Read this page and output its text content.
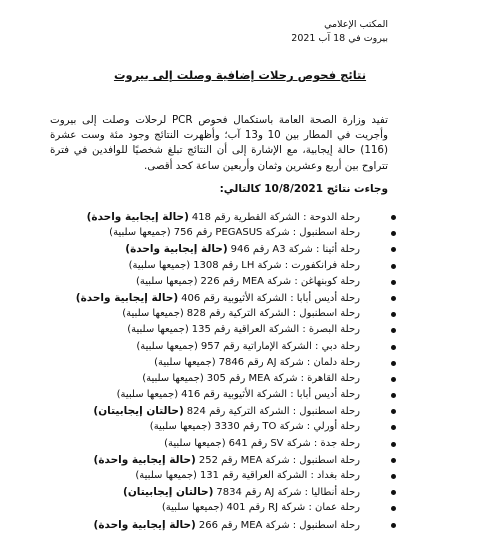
المكتب الإعلامي
بيروت في 18 آب 2021
نتائج فحوص رحلات إضافية وصلت إلى بيروت
تفيد وزارة الصحة العامة باستكمال فحوص PCR لرحلات وصلت إلى بيروت وأجريت في المطار بين 10 و13 آب؛ وأظهرت النتائج وجود مئة وست عشرة (116) حالة إيجابية، مع الإشارة إلى أن النتائج تبلغ شخصيًا للوافدين في فترة تتراوح بين أربع وعشرين وثمان وأربعين ساعة كحد أقصى.
وجاءت نتائج 10/8/2021 كالتالي:
رحلة الدوحة : الشركة القطرية رقم 418(حالة إيجابية واحدة)
رحلة اسطنبول : شركة PEGASUS رقم 756(جميعها سلبية)
رحلة أثينا : شركة A3 رقم 946(حالة إيجابية واحدة)
رحلة فرانكفورت : شركة LH رقم 1308(جميعها سلبية)
رحلة كوبنهاغن : شركة MEA رقم 226(جميعها سلبية)
رحلة أديس أبابا : الشركة الأثيوبية رقم 406(حالة إيجابية واحدة)
رحلة اسطنبول : الشركة التركية رقم 828(جميعها سلبية)
رحلة البصرة : الشركة العراقية رقم 135(جميعها سلبية)
رحلة دبي : الشركة الإماراتية رقم 957(جميعها سلبية)
رحلة دلمان : شركة AJ رقم 7846(جميعها سلبية)
رحلة القاهرة : شركة MEA رقم 305(جميعها سلبية)
رحلة أديس أبابا : الشركة الأثيوبية رقم 416(جميعها سلبية)
رحلة اسطنبول : الشركة التركية رقم 824(حالتان إيجابيتان)
رحلة أورلي : شركة TO رقم 3330(جميعها سلبية)
رحلة جدة : شركة SV رقم 641(جميعها سلبية)
رحلة اسطنبول : شركة MEA رقم 252(حالة إيجابية واحدة)
رحلة بغداد : الشركة العراقية رقم 131(جميعها سلبية)
رحلة أنطاليا : شركة AJ رقم 7834(حالتان إيجابيتان)
رحلة عمان : شركة RJ رقم 401(جميعها سلبية)
رحلة اسطنبول : شركة MEA رقم 266(حالة إيجابية واحدة)
